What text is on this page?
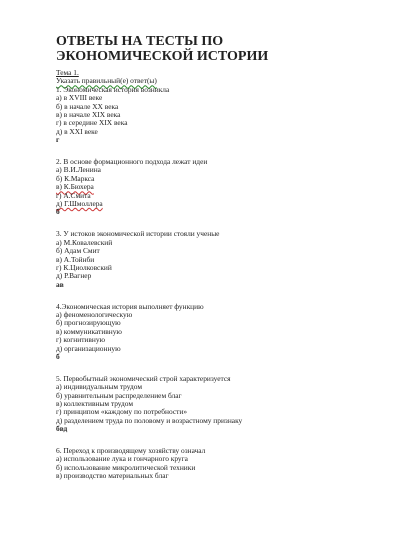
ОТВЕТЫ НА ТЕСТЫ ПО ЭКОНОМИЧЕСКОЙ ИСТОРИИ
Тема 1.
Указать правильный(е) ответ(ы)
1. Экономическая история возникла
а) в XVIII веке
б) в начале XX века
в) в начале XIX века
г) в середине XIX века
д) в XXI веке
г
2. В основе формационного подхода лежат идеи
а) В.И.Ленина
б) К.Маркса
в) К.Бюхера
г) А.Смита
д) Г.Шмоллера
б
3. У истоков экономической истории стояли ученые
а) М.Ковалевский
б) Адам Смит
в) А.Тойнби
г) К.Циолковский
д) Р.Вагнер
ав
4.Экономическая история выполняет функцию
а) феноменологическую
б) прогнозирующую
в) коммуникативную
г) когнитивную
д) организационную
б
5. Первобытный экономический строй характеризуется
а) индивидуальным трудом
б) уравнительным распределением благ
в) коллективным трудом
г) принципом «каждому по потребности»
д) разделением труда по половому и возрастному признаку
бвд
6. Переход к производящему хозяйству означал
а) использование лука и гончарного круга
б) использование микролитической техники
в) производство материальных благ
